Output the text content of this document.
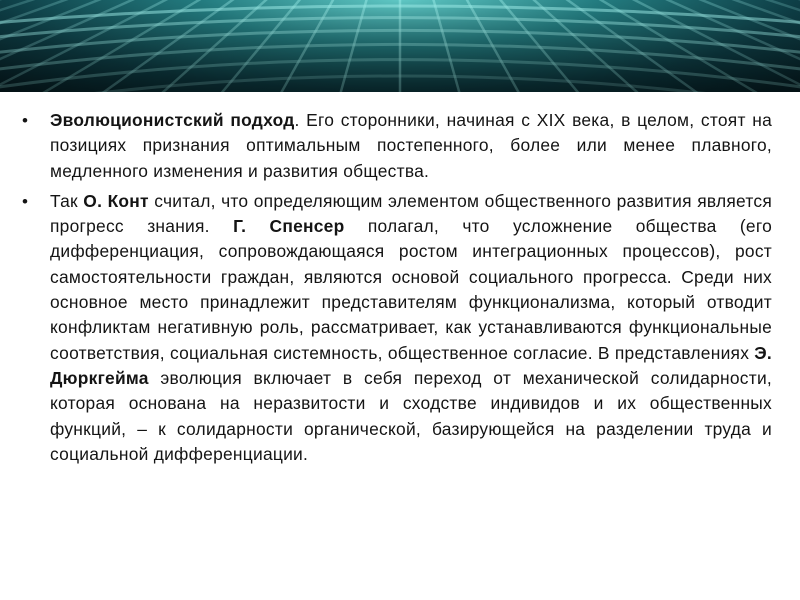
• Эволюционистский подход. Его сторонники, начиная с XIX века, в целом, стоят на позициях признания оптимальным постепенного, более или менее плавного, медленного изменения и развития общества.

• Так О. Конт считал, что определяющим элементом общественного развития является прогресс знания. Г. Спенсер полагал, что усложнение общества (его дифференциация, сопровождающаяся ростом интеграционных процессов), рост самостоятельности граждан, являются основой социального прогресса. Среди них основное место принадлежит представителям функционализма, который отводит конфликтам негативную роль, рассматривает, как устанавливаются функциональные соответствия, социальная системность, общественное согласие. В представлениях Э. Дюркгейма эволюция включает в себя переход от механической солидарности, которая основана на неразвитости и сходстве индивидов и их общественных функций, – к солидарности органической, базирующейся на разделении труда и социальной дифференциации.
